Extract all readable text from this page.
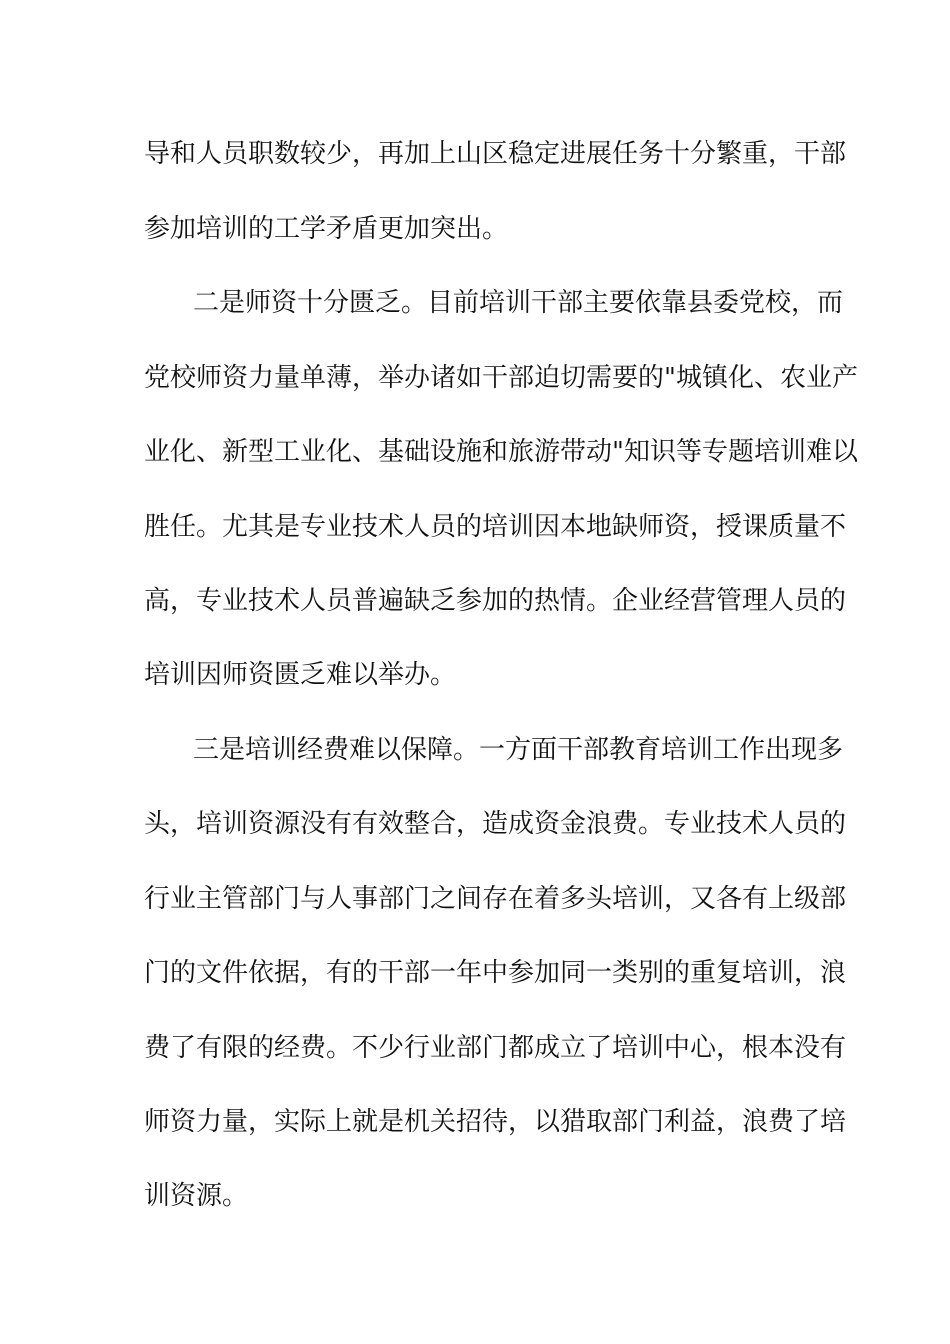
导和人员职数较少，再加上山区稳定进展任务十分繁重，干部
参加培训的工学矛盾更加突出。
二是师资十分匮乏。目前培训干部主要依靠县委党校，而
党校师资力量单薄，举办诸如干部迫切需要的"城镇化、农业产
业化、新型工业化、基础设施和旅游带动"知识等专题培训难以
胜任。尤其是专业技术人员的培训因本地缺师资，授课质量不
高，专业技术人员普遍缺乏参加的热情。企业经营管理人员的
培训因师资匮乏难以举办。
三是培训经费难以保障。一方面干部教育培训工作出现多
头，培训资源没有有效整合，造成资金浪费。专业技术人员的
行业主管部门与人事部门之间存在着多头培训，又各有上级部
门的文件依据，有的干部一年中参加同一类别的重复培训，浪
费了有限的经费。不少行业部门都成立了培训中心，根本没有
师资力量，实际上就是机关招待，以猎取部门利益，浪费了培
训资源。
